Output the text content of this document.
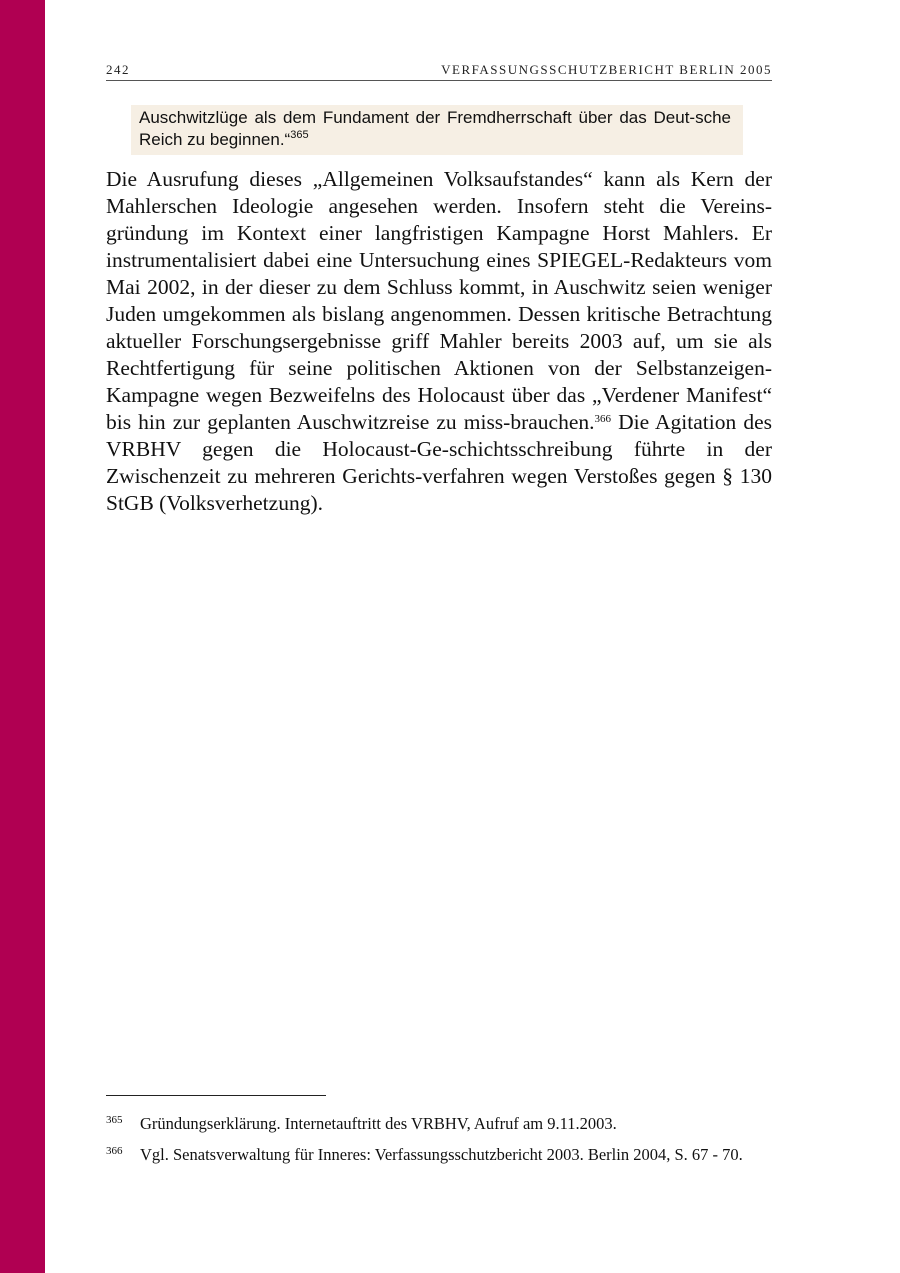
242	VERFASSUNGSSCHUTZBERICHT BERLIN 2005
Auschwitzlüge als dem Fundament der Fremdherrschaft über das Deut-sche Reich zu beginnen.“$^{365}$

Die Ausrufung dieses „Allgemeinen Volksaufstandes“ kann als Kern der Mahlerschen Ideologie angesehen werden. Insofern steht die Vereins-gründung im Kontext einer langfristigen Kampagne Horst Mahlers. Er instrumentalisiert dabei eine Untersuchung eines SPIEGEL-Redakteurs vom Mai 2002, in der dieser zu dem Schluss kommt, in Auschwitz seien weniger Juden umgekommen als bislang angenommen. Dessen kritische Betrachtung aktueller Forschungsergebnisse griff Mahler bereits 2003 auf, um sie als Rechtfertigung für seine politischen Aktionen von der Selbstanzeigen-Kampagne wegen Bezweifelns des Holocaust über das „Verdener Manifest“ bis hin zur geplanten Auschwitzreise zu miss-brauchen.$^{366}$ Die Agitation des VRBHV gegen die Holocaust-Ge-schichtsschreibung führte in der Zwischenzeit zu mehreren Gerichts-verfahren wegen Verstoßes gegen § 130 StGB (Volksverhetzung).

365 Gründungserklärung. Internetauftritt des VRBHV, Aufruf am 9.11.2003.
366 Vgl. Senatsverwaltung für Inneres: Verfassungsschutzbericht 2003. Berlin 2004, S. 67 - 70.
